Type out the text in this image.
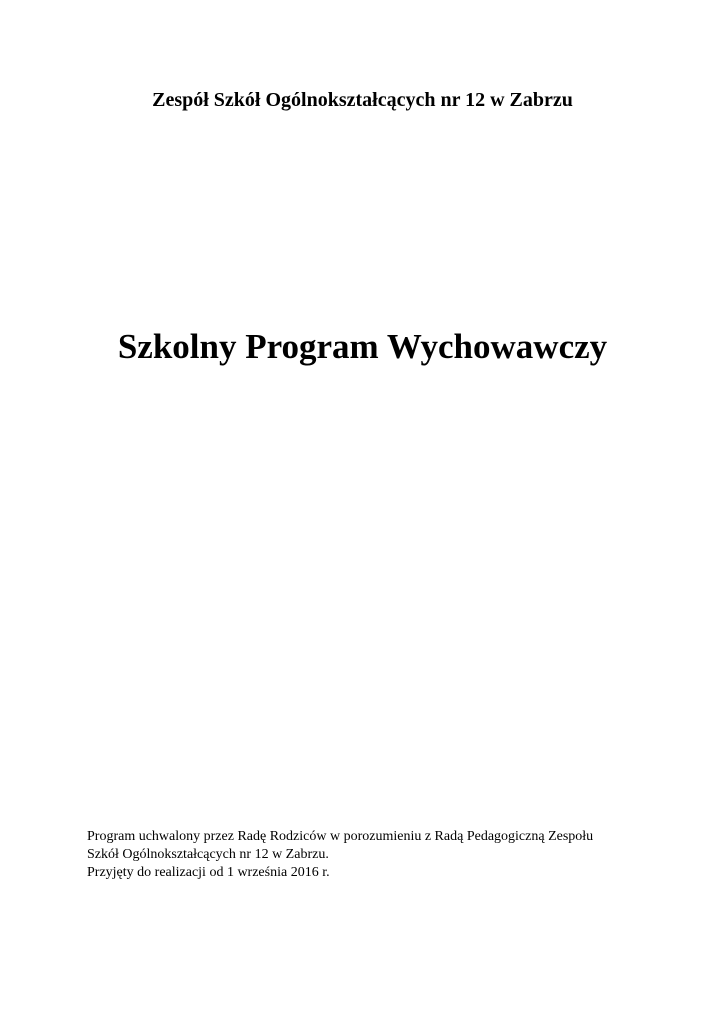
Zespół Szkół Ogólnokształcących nr 12 w Zabrzu
Szkolny Program Wychowawczy

Program uchwalony przez Radę Rodziców w porozumieniu z Radą Pedagogiczną Zespołu

Szkół Ogólnokształcących nr 12 w Zabrzu.

Przyjęty do realizacji od 1 września 2016 r.
